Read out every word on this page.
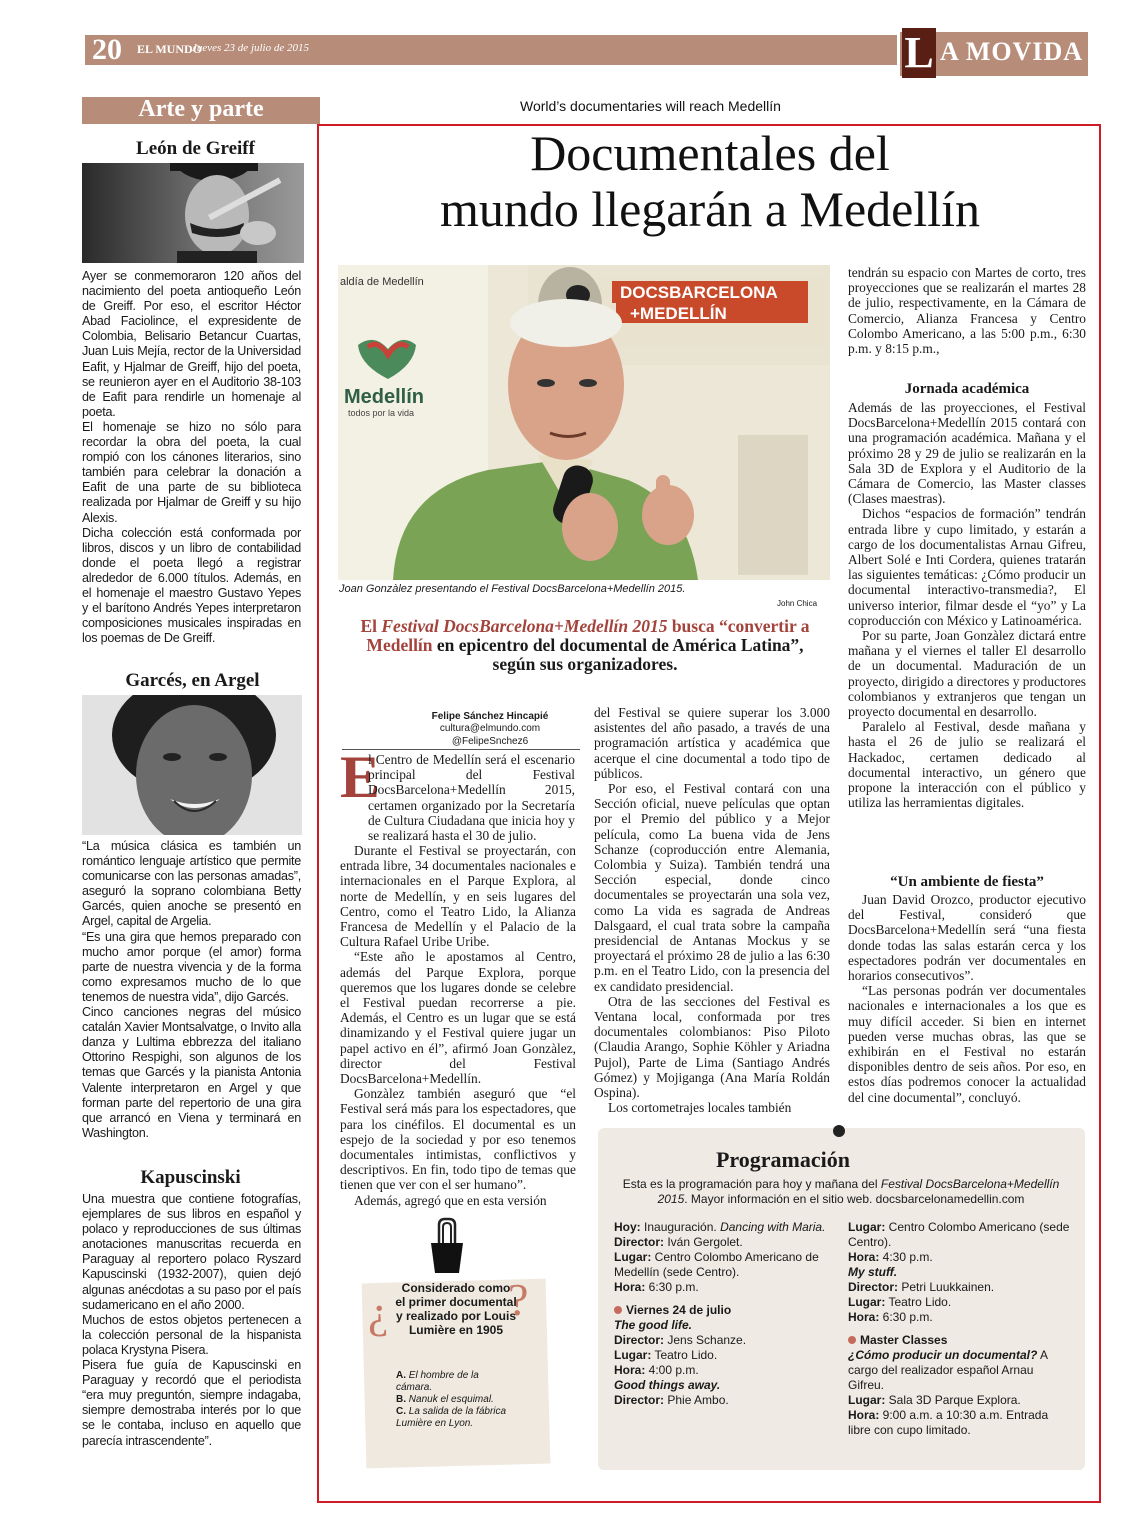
20 EL MUNDO
Jueves 23 de julio de 2015	L A MOVIDA
Arte y parte
León de Greiff

Ayer se conmemoraron 120 años del nacimiento del poeta antioqueño León de Greiff. Por eso, el escritor Héctor Abad Faciolince, el expresidente de Colombia, Belisario Betancur Cuartas, Juan Luis Mejía, rector de la Universidad Eafit, y Hjalmar de Greiff, hijo del poeta, se reunieron ayer en el Auditorio 38-103 de Eafit para rendirle un homenaje al poeta.

El homenaje se hizo no sólo para recordar la obra del poeta, la cual rompió con los cánones literarios, sino también para celebrar la donación a Eafit de una parte de su biblioteca realizada por Hjalmar de Greiff y su hijo Alexis.

Dicha colección está conformada por libros, discos y un libro de contabilidad donde el poeta llegó a registrar alrededor de 6.000 títulos. Además, en el homenaje el maestro Gustavo Yepes y el barítono Andrés Yepes interpretaron composiciones musicales inspiradas en los poemas de De Greiff.

Garcés, en Argel

“La música clásica es también un romántico lenguaje artístico que permite comunicarse con las personas amadas”, aseguró la soprano colombiana Betty Garcés, quien anoche se presentó en Argel, capital de Argelia.

“Es una gira que hemos preparado con mucho amor porque (el amor) forma parte de nuestra vivencia y de la forma como expresamos mucho de lo que tenemos de nuestra vida”, dijo Garcés.

Cinco canciones negras del músico catalán Xavier Montsalvatge, o Invito alla danza y Lultima ebbrezza del italiano Ottorino Respighi, son algunos de los temas que Garcés y la pianista Antonia Valente interpretaron en Argel y que forman parte del repertorio de una gira que arrancó en Viena y terminará en Washington.

Kapuscinski

Una muestra que contiene fotografías, ejemplares de sus libros en español y polaco y reproducciones de sus últimas anotaciones manuscritas recuerda en Paraguay al reportero polaco Ryszard Kapuscinski (1932-2007), quien dejó algunas anécdotas a su paso por el país sudamericano en el año 2000.

Muchos de estos objetos pertenecen a la colección personal de la hispanista polaca Krystyna Pisera.

Pisera fue guía de Kapuscinski en Paraguay y recordó que el periodista “era muy preguntón, siempre indagaba, siempre demostraba interés por lo que se le contaba, incluso en aquello que parecía intrascendente”.

World’s documentaries will reach Medellín
Documentales del
mundo llegarán a Medellín
DOCSBARCELONA
+MEDELLÍN
aldía de Medellín
Medellín
todos por la vida
Joan Gonzàlez presentando el Festival DocsBarcelona+Medellín 2015.
John Chica
El Festival DocsBarcelona+Medellín 2015 busca “convertir a Medellín en epicentro del documental de América Latina”, según sus organizadores.
Felipe Sánchez Hincapié
cultura@elmundo.com
@FelipeSnchez6
E

l Centro de Medellín será el escenario principal del Festival DocsBarcelona+Medellín 2015, certamen organizado por la Secretaría de Cultura Ciudadana que inicia hoy y se realizará hasta el 30 de julio.

Durante el Festival se proyectarán, con entrada libre, 34 documentales nacionales e internacionales en el Parque Explora, al norte de Medellín, y en seis lugares del Centro, como el Teatro Lido, la Alianza Francesa de Medellín y el Palacio de la Cultura Rafael Uribe Uribe.

“Este año le apostamos al Centro, además del Parque Explora, porque queremos que los lugares donde se celebre el Festival puedan recorrerse a pie. Además, el Centro es un lugar que se está dinamizando y el Festival quiere jugar un papel activo en él”, afirmó Joan Gonzàlez, director del Festival DocsBarcelona+Medellín.

Gonzàlez también aseguró que “el Festival será más para los espectadores, que para los cinéfilos. El documental es un espejo de la sociedad y por eso tenemos documentales intimistas, conflictivos y descriptivos. En fin, todo tipo de temas que tienen que ver con el ser humano”.

Además, agregó que en esta versión

del Festival se quiere superar los 3.000 asistentes del año pasado, a través de una programación artística y académica que acerque el cine documental a todo tipo de públicos.

Por eso, el Festival contará con una Sección oficial, nueve películas que optan por el Premio del público y a Mejor película, como La buena vida de Jens Schanze (coproducción entre Alemania, Colombia y Suiza). También tendrá una Sección especial, donde cinco documentales se proyectarán una sola vez, como La vida es sagrada de Andreas Dalsgaard, el cual trata sobre la campaña presidencial de Antanas Mockus y se proyectará el próximo 28 de julio a las 6:30 p.m. en el Teatro Lido, con la presencia del ex candidato presidencial.

Otra de las secciones del Festival es Ventana local, conformada por tres documentales colombianos: Piso Piloto (Claudia Arango, Sophie Köhler y Ariadna Pujol), Parte de Lima (Santiago Andrés Gómez) y Mojiganga (Ana María Roldán Ospina).

Los cortometrajes locales también

tendrán su espacio con Martes de corto, tres proyecciones que se realizarán el martes 28 de julio, respectivamente, en la Cámara de Comercio, Alianza Francesa y Centro Colombo Americano, a las 5:00 p.m., 6:30 p.m. y 8:15 p.m.,

Jornada académica

Además de las proyecciones, el Festival DocsBarcelona+Medellín 2015 contará con una programación académica. Mañana y el próximo 28 y 29 de julio se realizarán en la Sala 3D de Explora y el Auditorio de la Cámara de Comercio, las Master classes (Clases maestras).

Dichos “espacios de formación” tendrán entrada libre y cupo limitado, y estarán a cargo de los documentalistas Arnau Gifreu, Albert Solé e Inti Cordera, quienes tratarán las siguientes temáticas: ¿Cómo producir un documental interactivo-transmedia?, El universo interior, filmar desde el “yo” y La coproducción con México y Latinoamérica.

Por su parte, Joan Gonzàlez dictará entre mañana y el viernes el taller El desarrollo de un documental. Maduración de un proyecto, dirigido a directores y productores colombianos y extranjeros que tengan un proyecto documental en desarrollo.

Paralelo al Festival, desde mañana y hasta el 26 de julio se realizará el Hackadoc, certamen dedicado al documental interactivo, un género que propone la interacción con el público y utiliza las herramientas digitales.

“Un ambiente de fiesta”

Juan David Orozco, productor ejecutivo del Festival, consideró que DocsBarcelona+Medellín será “una fiesta donde todas las salas estarán cerca y los espectadores podrán ver documentales en horarios consecutivos”.

“Las personas podrán ver documentales nacionales e internacionales a los que es muy difícil acceder. Si bien en internet pueden verse muchas obras, las que se exhibirán en el Festival no estarán disponibles dentro de seis años. Por eso, en estos días podremos conocer la actualidad del cine documental”, concluyó.

¿	?
Considerado como el primer documental y realizado por Louis Lumière en 1905
A. El hombre de la cámara.
B. Nanuk el esquimal.
C. La salida de la fábrica Lumière en Lyon.
Programación
Esta es la programación para hoy y mañana del Festival DocsBarcelona+Medellín 2015. Mayor información en el sitio web. docsbarcelonamedellin.com
Hoy: Inauguración. Dancing with Maria.
Director: Iván Gergolet.
Lugar: Centro Colombo Americano de Medellín (sede Centro).
Hora: 6:30 p.m.
Viernes 24 de julio
The good life.
Director: Jens Schanze.
Lugar: Teatro Lido.
Hora: 4:00 p.m.
Good things away.
Director: Phie Ambo.
Lugar: Centro Colombo Americano (sede Centro).
Hora: 4:30 p.m.
My stuff.
Director: Petri Luukkainen.
Lugar: Teatro Lido.
Hora: 6:30 p.m.
Master Classes
¿Cómo producir un documental? A cargo del realizador español Arnau Gifreu.
Lugar: Sala 3D Parque Explora.
Hora: 9:00 a.m. a 10:30 a.m. Entrada libre con cupo limitado.
